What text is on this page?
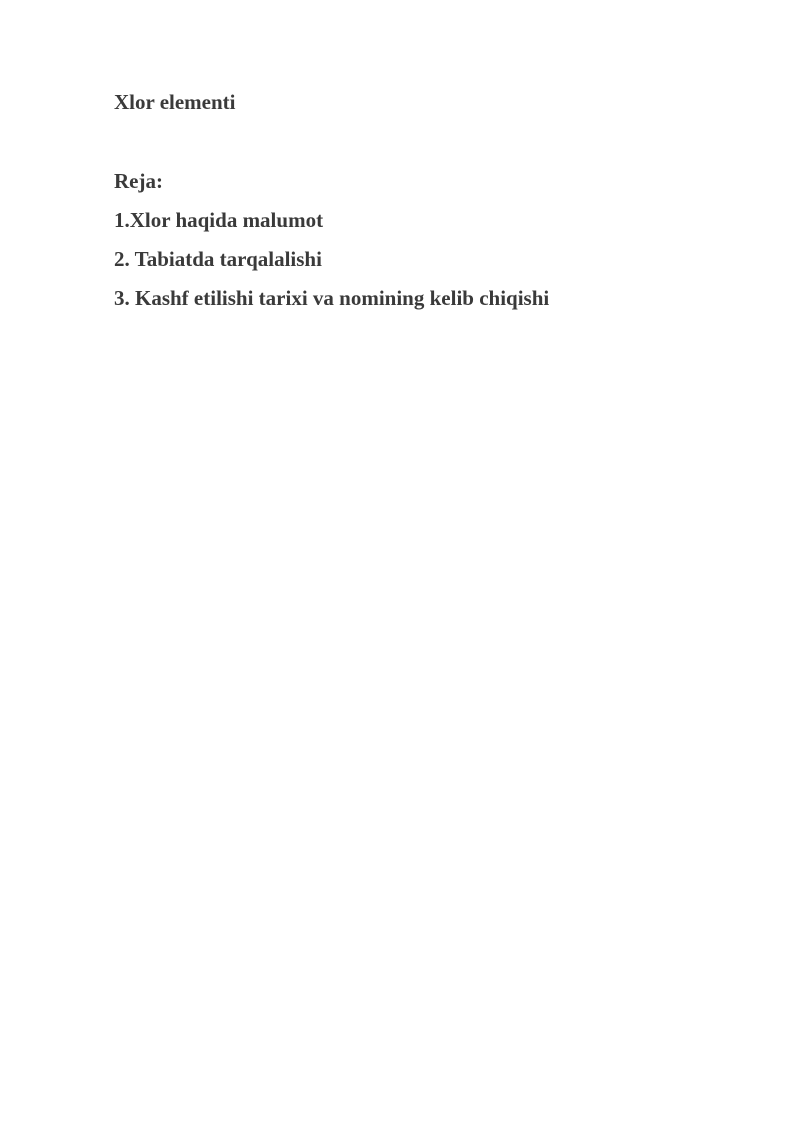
Xlor elementi

Reja:

1.Xlor haqida malumot

2. Tabiatda tarqalalishi

3. Kashf etilishi tarixi va nomining kelib chiqishi
